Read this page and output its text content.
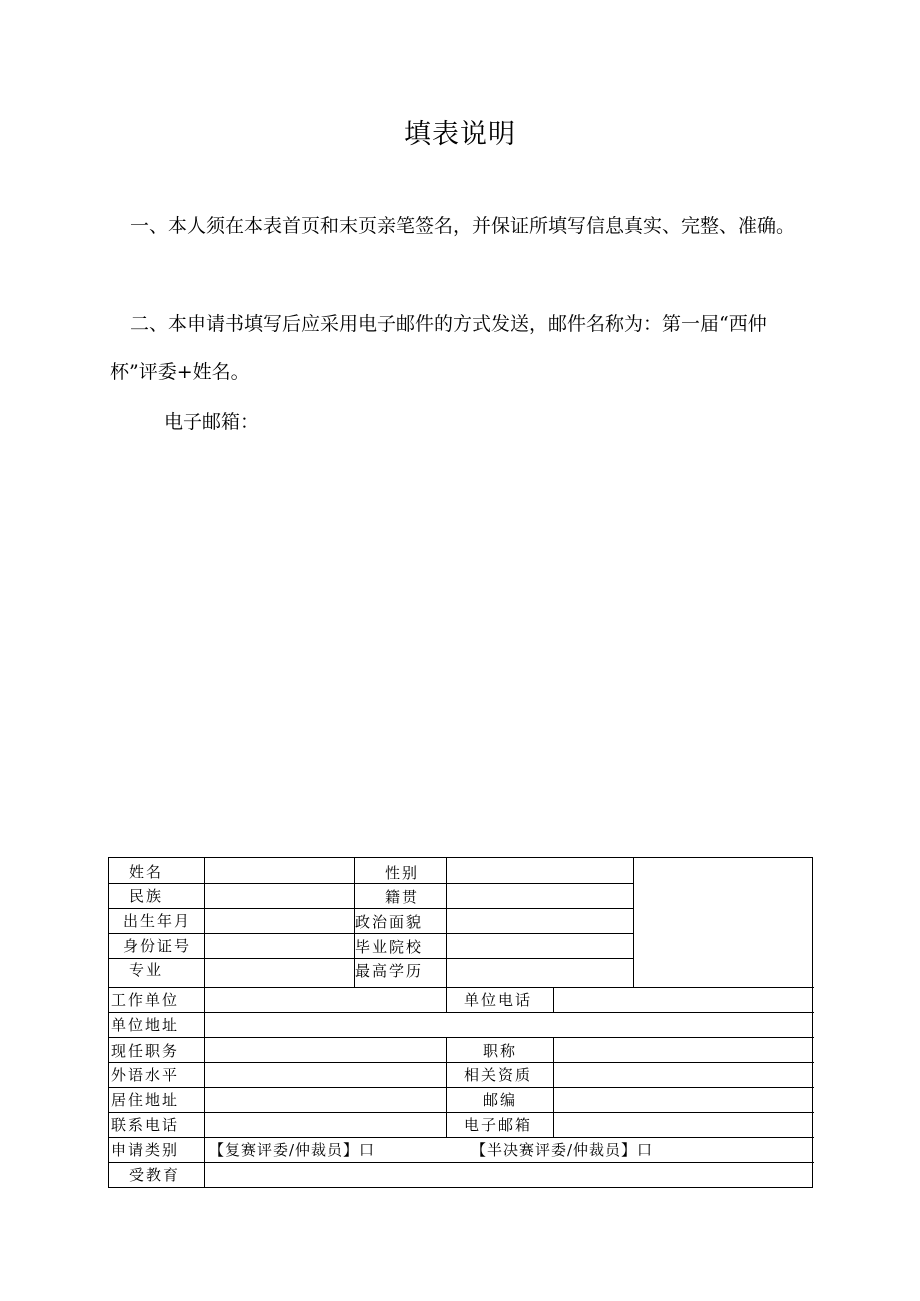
填表说明
一、本人须在本表首页和末页亲笔签名，并保证所填写信息真实、完整、准确。
二、本申请书填写后应采用电子邮件的方式发送，邮件名称为：第一届“西仲杯”评委+姓名。
电子邮箱：
姓名	性别
民族	籍贯
出生年月	政治面貌
身份证号	毕业院校
专业	最高学历
工作单位	单位电话
单位地址
现任职务	职称
外语水平	相关资质
居住地址	邮编
联系电话	电子邮箱
申请类别 【复赛评委/仲裁员】口	【半决赛评委/仲裁员】口
受教育
